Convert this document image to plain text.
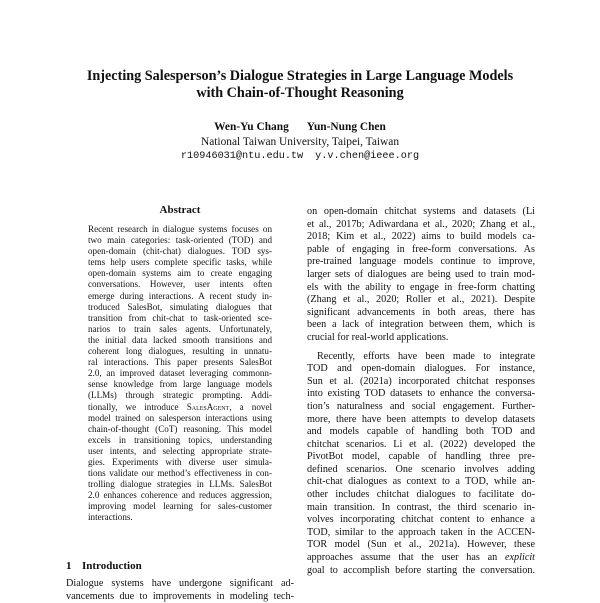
Injecting Salesperson’s Dialogue Strategies in Large Language Models
with Chain-of-Thought Reasoning
Wen-Yu Chang Yun-Nung Chen
National Taiwan University, Taipei, Taiwan
r10946031@ntu.edu.tw y.v.chen@ieee.org
Abstract
Recent research in dialogue systems focuses on
two main categories: task-oriented (TOD) and
open-domain (chit-chat) dialogues. TOD sys-
tems help users complete specific tasks, while
open-domain systems aim to create engaging
conversations. However, user intents often
emerge during interactions. A recent study in-
troduced SalesBot, simulating dialogues that
transition from chit-chat to task-oriented sce-
narios to train sales agents. Unfortunately,
the initial data lacked smooth transitions and
coherent long dialogues, resulting in unnatu-
ral interactions. This paper presents SalesBot
2.0, an improved dataset leveraging commonn-
sense knowledge from large language models
(LLMs) through strategic prompting. Addi-
tionally, we introduce SalesAgent, a novel
model trained on salesperson interactions using
chain-of-thought (CoT) reasoning. This model
excels in transitioning topics, understanding
user intents, and selecting appropriate strate-
gies. Experiments with diverse user simula-
tions validate our method’s effectiveness in con-
trolling dialogue strategies in LLMs. SalesBot
2.0 enhances coherence and reduces aggression,
improving model learning for sales-customer
interactions.
1 Introduction
Dialogue systems have undergone significant ad-
vancements due to improvements in modeling tech-
on open-domain chitchat systems and datasets (Li
et al., 2017b; Adiwardana et al., 2020; Zhang et al.,
2018; Kim et al., 2022) aims to build models ca-
pable of engaging in free-form conversations. As
pre-trained language models continue to improve,
larger sets of dialogues are being used to train mod-
els with the ability to engage in free-form chatting
(Zhang et al., 2020; Roller et al., 2021). Despite
significant advancements in both areas, there has
been a lack of integration between them, which is
crucial for real-world applications.
Recently, efforts have been made to integrate
TOD and open-domain dialogues. For instance,
Sun et al. (2021a) incorporated chitchat responses
into existing TOD datasets to enhance the conversa-
tion’s naturalness and social engagement. Further-
more, there have been attempts to develop datasets
and models capable of handling both TOD and
chitchat scenarios. Li et al. (2022) developed the
PivotBot model, capable of handling three pre-
defined scenarios. One scenario involves adding
chit-chat dialogues as context to a TOD, while an-
other includes chitchat dialogues to facilitate do-
main transition. In contrast, the third scenario in-
volves incorporating chitchat content to enhance a
TOD, similar to the approach taken in the ACCEN-
TOR model (Sun et al., 2021a). However, these
approaches assume that the user has an explicit
goal to accomplish before starting the conversation.
